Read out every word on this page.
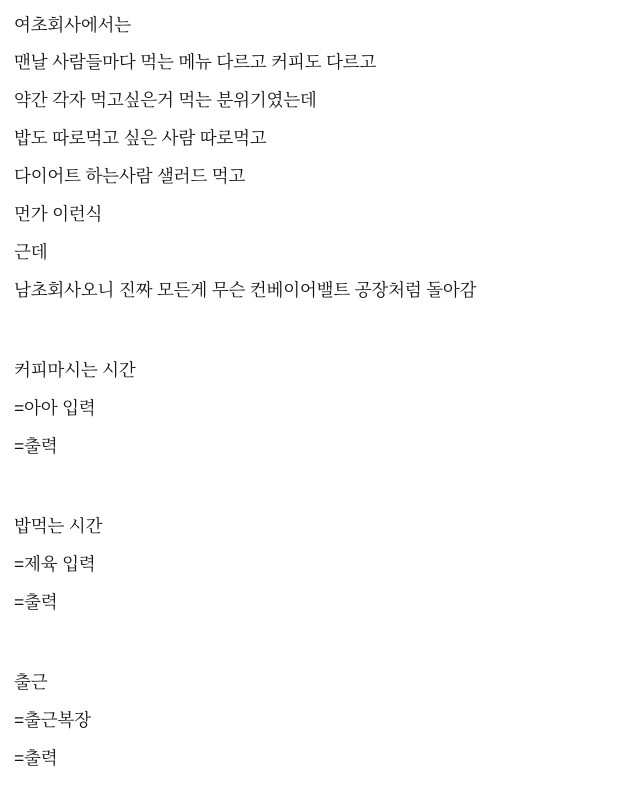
여초회사에서는
맨날 사람들마다 먹는 메뉴 다르고 커피도 다르고
약간 각자 먹고싶은거 먹는 분위기였는데
밥도 따로먹고 싶은 사람 따로먹고
다이어트 하는사람 샐러드 먹고
먼가 이런식
근데
남초회사오니 진짜 모든게 무슨 컨베이어밸트 공장처럼 돌아감
커피마시는 시간
=아아 입력
=출력
밥먹는 시간
=제육 입력
=출력
출근
=출근복장
=출력
